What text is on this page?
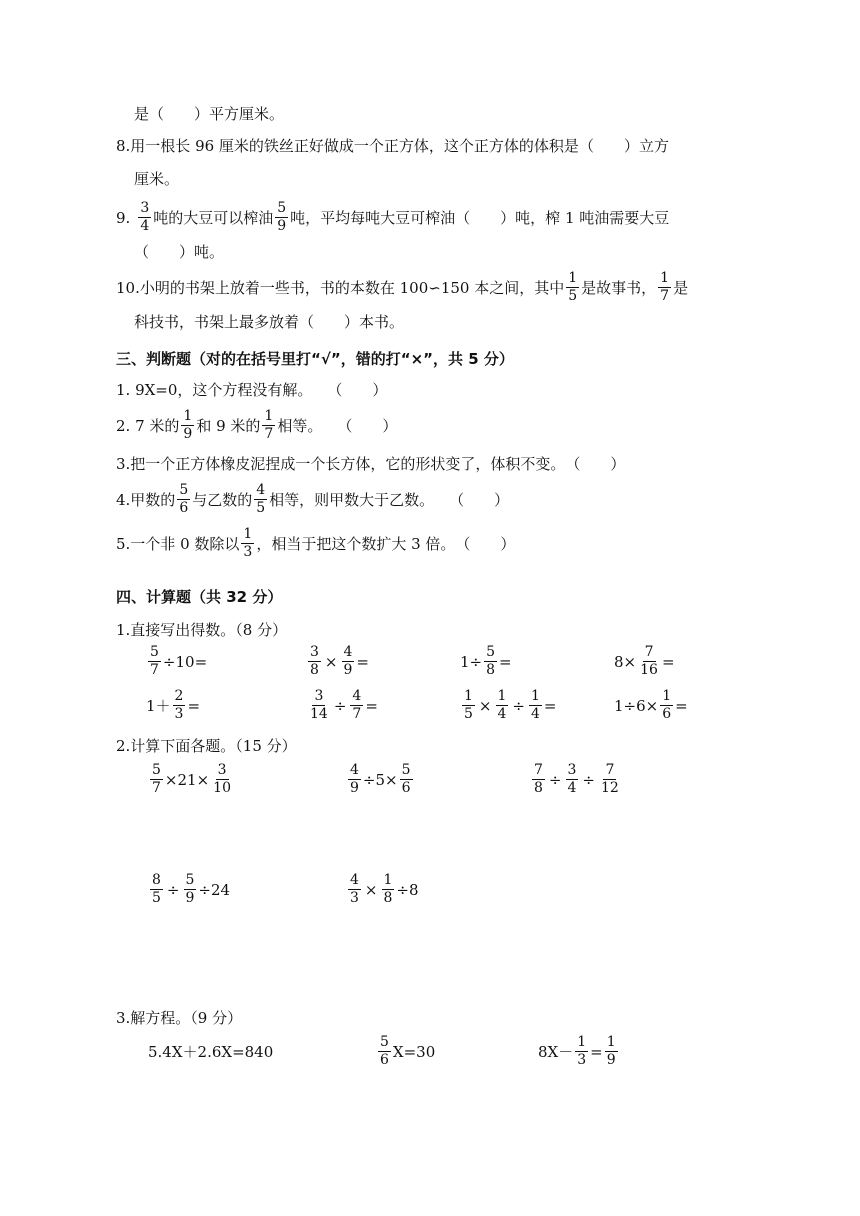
是（　　）平方厘米。
8.用一根长 96 厘米的铁丝正好做成一个正方体，这个正方体的体积是（　　）立方
厘米。
9. $\frac{3}{4}$ 吨的大豆可以榨油 $\frac{5}{9}$ 吨，平均每吨大豆可榨油（　　）吨，榨 1 吨油需要大豆
（　　）吨。
10.小明的书架上放着一些书，书的本数在 100∽150 本之间，其中 $\frac{1}{5}$ 是故事书， $\frac{1}{7}$ 是
科技书，书架上最多放着（　　）本书。
三、判断题（对的在括号里打“√”，错的打“×”，共 5 分）
1. 9X=0，这个方程没有解。　　（　　）
2. 7 米的 $\frac{1}{9}$ 和 9 米的 $\frac{1}{7}$ 相等。　　（　　）
3.把一个正方体橡皮泥捏成一个长方体，它的形状变了，体积不变。　（　　）
4.甲数的 $\frac{5}{6}$ 与乙数的 $\frac{4}{5}$ 相等，则甲数大于乙数。　　（　　）
5.一个非 0 数除以 $\frac{1}{3}$ ，相当于把这个数扩大 3 倍。　（　　）
四、计算题（共 32 分）
1.直接写出得数。（8 分）
$\frac{5}{7} \div 10=$	$\frac{3}{8} \times \frac{4}{9}$ =	$1\div \frac{5}{8}$ =	$8\times \frac{7}{16}$ =
$1+ \frac{2}{3}$ =	$\frac{3}{14} \div \frac{4}{7}$ =	$\frac{1}{5} \times \frac{1}{4} \div \frac{1}{4}$ =	$1\div 6\times \frac{1}{6}$ =
2.计算下面各题。（15 分）
$\frac{5}{7} \times 21\times \frac{3}{10}$	$\frac{4}{9} \div 5\times \frac{5}{6}$	$\frac{7}{8} \div \frac{3}{4} \div \frac{7}{12}$
$\frac{8}{5} \div \frac{5}{9} \div 24$	$\frac{4}{3} \times \frac{1}{8} \div 8$
3.解方程。（9 分）
5.4X＋2.6X=840	$\frac{5}{6} X=30$	$8X- \frac{1}{3} = \frac{1}{9}$
